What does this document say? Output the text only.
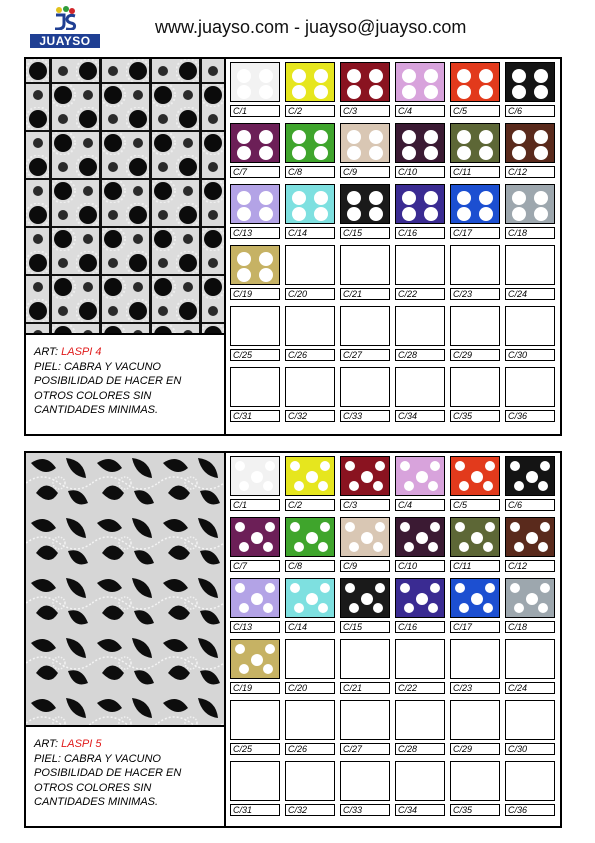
JUAYSO
www.juayso.com - juayso@juayso.com
ART: LASPI 4
PIEL: CABRA Y VACUNO
POSIBILIDAD DE HACER EN
OTROS COLORES SIN
CANTIDADES MINIMAS.
C/1	C/2	C/3	C/4	C/5	C/6
C/7	C/8	C/9	C/10	C/11	C/12
C/13	C/14	C/15	C/16	C/17	C/18
C/19	C/20	C/21	C/22	C/23	C/24
C/25	C/26	C/27	C/28	C/29	C/30
C/31	C/32	C/33	C/34	C/35	C/36
ART: LASPI 5
PIEL: CABRA Y VACUNO
POSIBILIDAD DE HACER EN
OTROS COLORES SIN
CANTIDADES MINIMAS.
C/1	C/2	C/3	C/4	C/5	C/6
C/7	C/8	C/9	C/10	C/11	C/12
C/13	C/14	C/15	C/16	C/17	C/18
C/19	C/20	C/21	C/22	C/23	C/24
C/25	C/26	C/27	C/28	C/29	C/30
C/31	C/32	C/33	C/34	C/35	C/36
